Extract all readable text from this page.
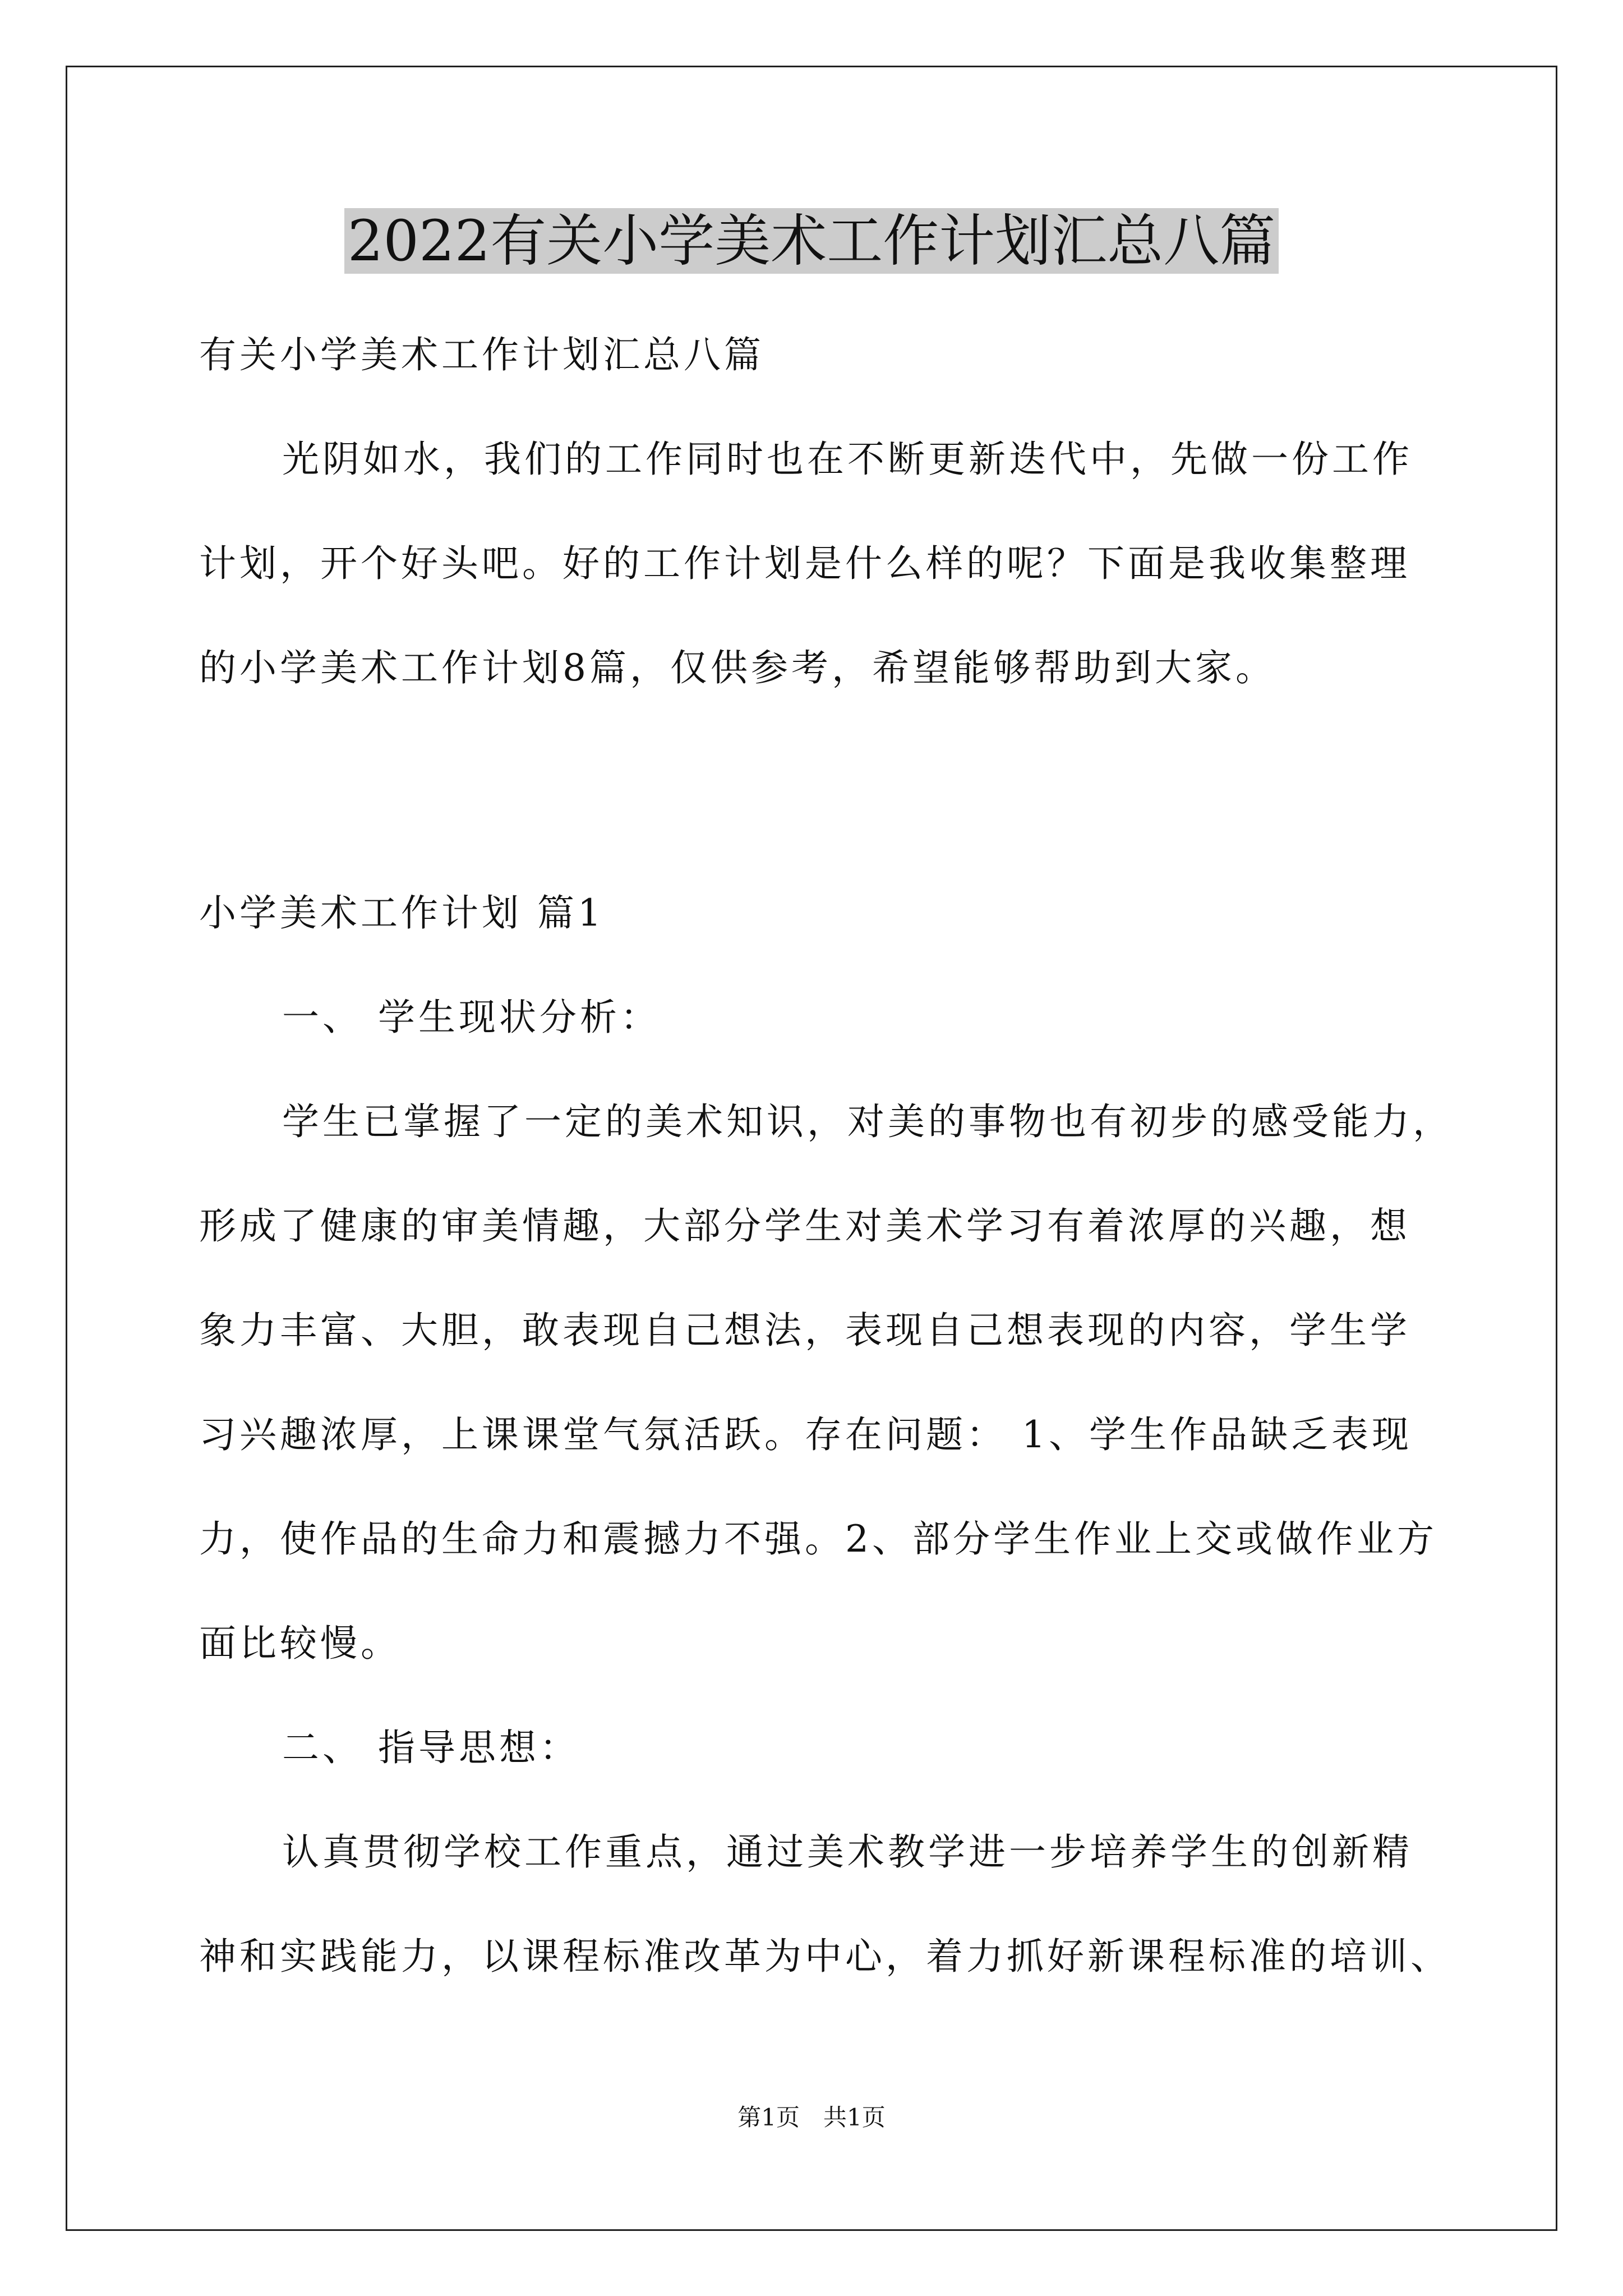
2022有关小学美术工作计划汇总八篇
有关小学美术工作计划汇总八篇
光阴如水，我们的工作同时也在不断更新迭代中，先做一份工作
计划，开个好头吧。好的工作计划是什么样的呢？下面是我收集整理
的小学美术工作计划8篇，仅供参考，希望能够帮助到大家。
小学美术工作计划 篇1
一、 学生现状分析：
学生已掌握了一定的美术知识，对美的事物也有初步的感受能力，
形成了健康的审美情趣，大部分学生对美术学习有着浓厚的兴趣，想
象力丰富、大胆，敢表现自己想法，表现自己想表现的内容，学生学
习兴趣浓厚，上课课堂气氛活跃。存在问题： 1、学生作品缺乏表现
力，使作品的生命力和震撼力不强。2、部分学生作业上交或做作业方
面比较慢。
二、 指导思想：
认真贯彻学校工作重点，通过美术教学进一步培养学生的创新精
神和实践能力，以课程标准改革为中心，着力抓好新课程标准的培训、
第1页　共1页
